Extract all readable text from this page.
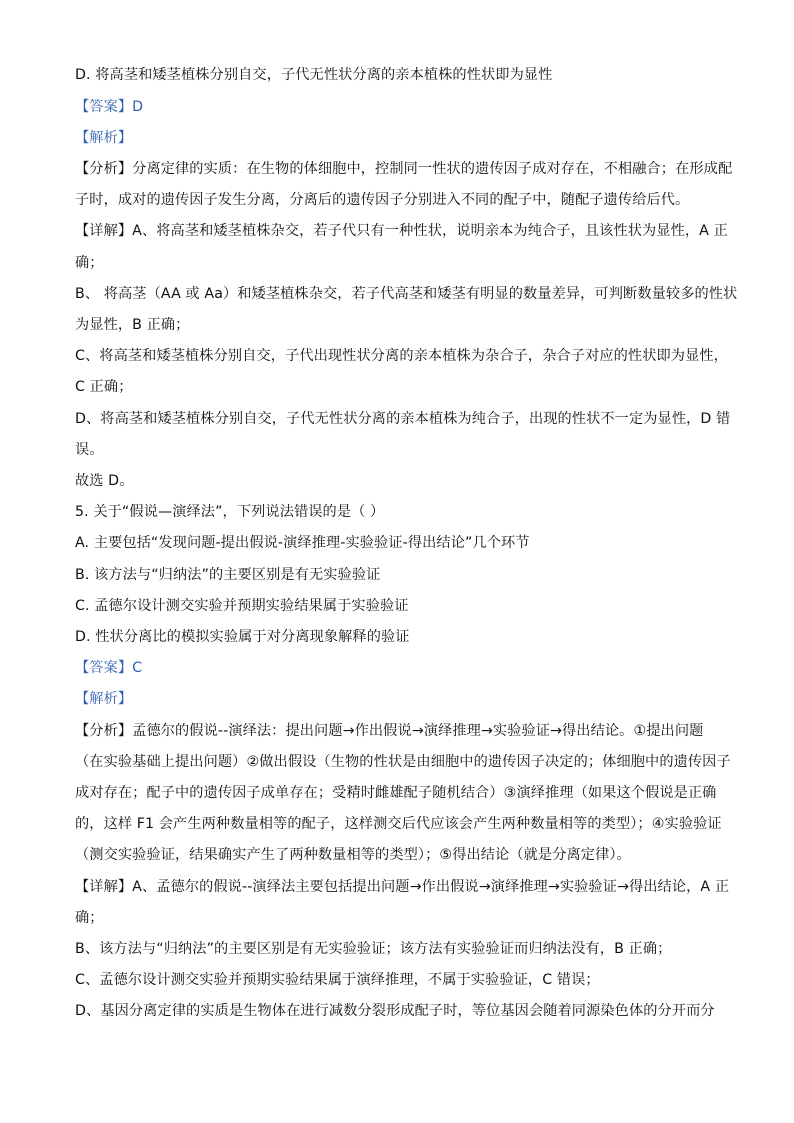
D. 将高茎和矮茎植株分别自交，子代无性状分离的亲本植株的性状即为显性
【答案】D
【解析】
【分析】分离定律的实质：在生物的体细胞中，控制同一性状的遗传因子成对存在，不相融合；在形成配
子时，成对的遗传因子发生分离，分离后的遗传因子分别进入不同的配子中，随配子遗传给后代。
【详解】A、将高茎和矮茎植株杂交，若子代只有一种性状，说明亲本为纯合子，且该性状为显性，A 正
确；
B、 将高茎（AA 或 Aa）和矮茎植株杂交，若子代高茎和矮茎有明显的数量差异，可判断数量较多的性状
为显性，B 正确；
C、将高茎和矮茎植株分别自交，子代出现性状分离的亲本植株为杂合子，杂合子对应的性状即为显性，
C 正确；
D、将高茎和矮茎植株分别自交，子代无性状分离的亲本植株为纯合子，出现的性状不一定为显性，D 错
误。
故选 D。
5. 关于“假说—演绎法”，下列说法错误的是（ ）
A. 主要包括“发现问题-提出假说-演绎推理-实验验证-得出结论”几个环节
B. 该方法与“归纳法”的主要区别是有无实验验证
C. 孟德尔设计测交实验并预期实验结果属于实验验证
D. 性状分离比的模拟实验属于对分离现象解释的验证
【答案】C
【解析】
【分析】孟德尔的假说--演绎法：提出问题→作出假说→演绎推理→实验验证→得出结论。①提出问题
（在实验基础上提出问题）②做出假设（生物的性状是由细胞中的遗传因子决定的；体细胞中的遗传因子
成对存在；配子中的遗传因子成单存在；受精时雌雄配子随机结合）③演绎推理（如果这个假说是正确
的，这样 F1 会产生两种数量相等的配子，这样测交后代应该会产生两种数量相等的类型）；④实验验证
（测交实验验证，结果确实产生了两种数量相等的类型）；⑤得出结论（就是分离定律）。
【详解】A、孟德尔的假说--演绎法主要包括提出问题→作出假说→演绎推理→实验验证→得出结论，A 正
确；
B、该方法与“归纳法”的主要区别是有无实验验证；该方法有实验验证而归纳法没有，B 正确；
C、孟德尔设计测交实验并预期实验结果属于演绎推理，不属于实验验证，C 错误；
D、基因分离定律的实质是生物体在进行减数分裂形成配子时，等位基因会随着同源染色体的分开而分
